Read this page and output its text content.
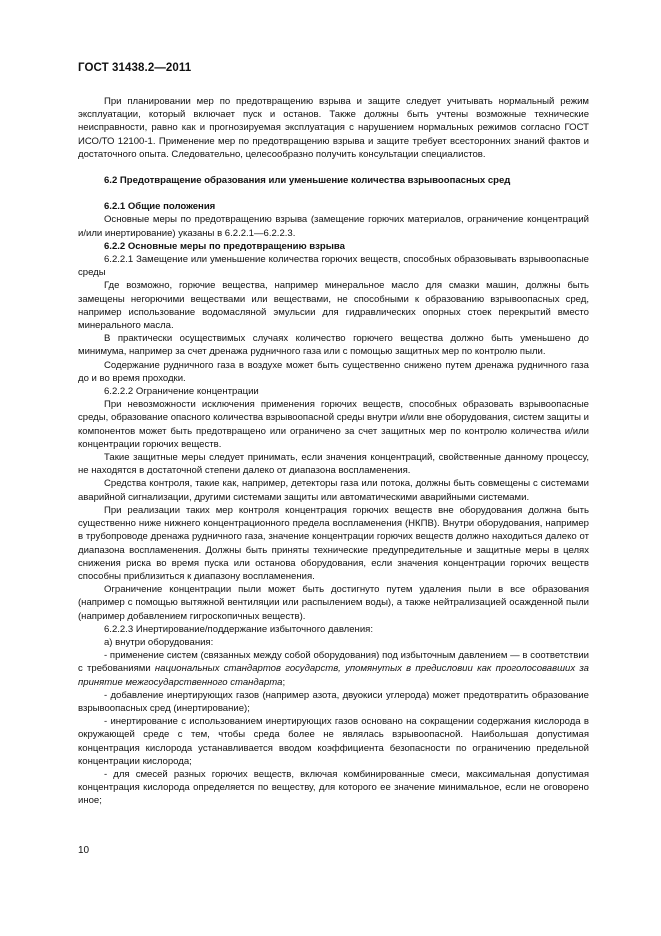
ГОСТ 31438.2—2011

При планировании мер по предотвращению взрыва и защите следует учитывать нормальный режим эксплуатации, который включает пуск и останов. Также должны быть учтены возможные технические неисправности, равно как и прогнозируемая эксплуатация с нарушением нормальных режимов согласно ГОСТ ИСО/ТО 12100-1. Применение мер по предотвращению взрыва и защите требует всесторонних знаний фактов и достаточного опыта. Следовательно, целесообразно получить консультации специалистов.

6.2 Предотвращение образования или уменьшение количества взрывоопасных сред

6.2.1 Общие положения

Основные меры по предотвращению взрыва (замещение горючих материалов, ограничение концентраций и/или инертирование) указаны в 6.2.2.1—6.2.2.3.

6.2.2 Основные меры по предотвращению взрыва

6.2.2.1 Замещение или уменьшение количества горючих веществ, способных образовывать взрывоопасные среды

Где возможно, горючие вещества, например минеральное масло для смазки машин, должны быть замещены негорючими веществами или веществами, не способными к образованию взрывоопасных сред, например использование водомасляной эмульсии для гидравлических опорных стоек перекрытий вместо минерального масла.

В практически осуществимых случаях количество горючего вещества должно быть уменьшено до минимума, например за счет дренажа рудничного газа или с помощью защитных мер по контролю пыли.

Содержание рудничного газа в воздухе может быть существенно снижено путем дренажа рудничного газа до и во время проходки.

6.2.2.2 Ограничение концентрации

При невозможности исключения применения горючих веществ, способных образовать взрывоопасные среды, образование опасного количества взрывоопасной среды внутри и/или вне оборудования, систем защиты и компонентов может быть предотвращено или ограничено за счет защитных мер по контролю количества и/или концентрации горючих веществ.

Такие защитные меры следует принимать, если значения концентраций, свойственные данному процессу, не находятся в достаточной степени далеко от диапазона воспламенения.

Средства контроля, такие как, например, детекторы газа или потока, должны быть совмещены с системами аварийной сигнализации, другими системами защиты или автоматическими аварийными системами.

При реализации таких мер контроля концентрация горючих веществ вне оборудования должна быть существенно ниже нижнего концентрационного предела воспламенения (НКПВ). Внутри оборудования, например в трубопроводе дренажа рудничного газа, значение концентрации горючих веществ должно находиться далеко от диапазона воспламенения. Должны быть приняты технические предупредительные и защитные меры в целях снижения риска во время пуска или останова оборудования, если значения концентрации горючих веществ способны приблизиться к диапазону воспламенения.

Ограничение концентрации пыли может быть достигнуто путем удаления пыли в все образования (например с помощью вытяжной вентиляции или распылением воды), а также нейтрализацией осажденной пыли (например добавлением гигроскопичных веществ).

6.2.2.3 Инертирование/поддержание избыточного давления:

а) внутри оборудования:

- применение систем (связанных между собой оборудования) под избыточным давлением — в соответствии с требованиями национальных стандартов государств, упомянутых в предисловии как проголосовавших за принятие межгосударственного стандарта;

- добавление инертирующих газов (например азота, двуокиси углерода) может предотвратить образование взрывоопасных сред (инертирование);

- инертирование с использованием инертирующих газов основано на сокращении содержания кислорода в окружающей среде с тем, чтобы среда более не являлась взрывоопасной. Наибольшая допустимая концентрация кислорода устанавливается вводом коэффициента безопасности по ограничению предельной концентрации кислорода;

- для смесей разных горючих веществ, включая комбинированные смеси, максимальная допустимая концентрация кислорода определяется по веществу, для которого ее значение минимальное, если не оговорено иное;

10
